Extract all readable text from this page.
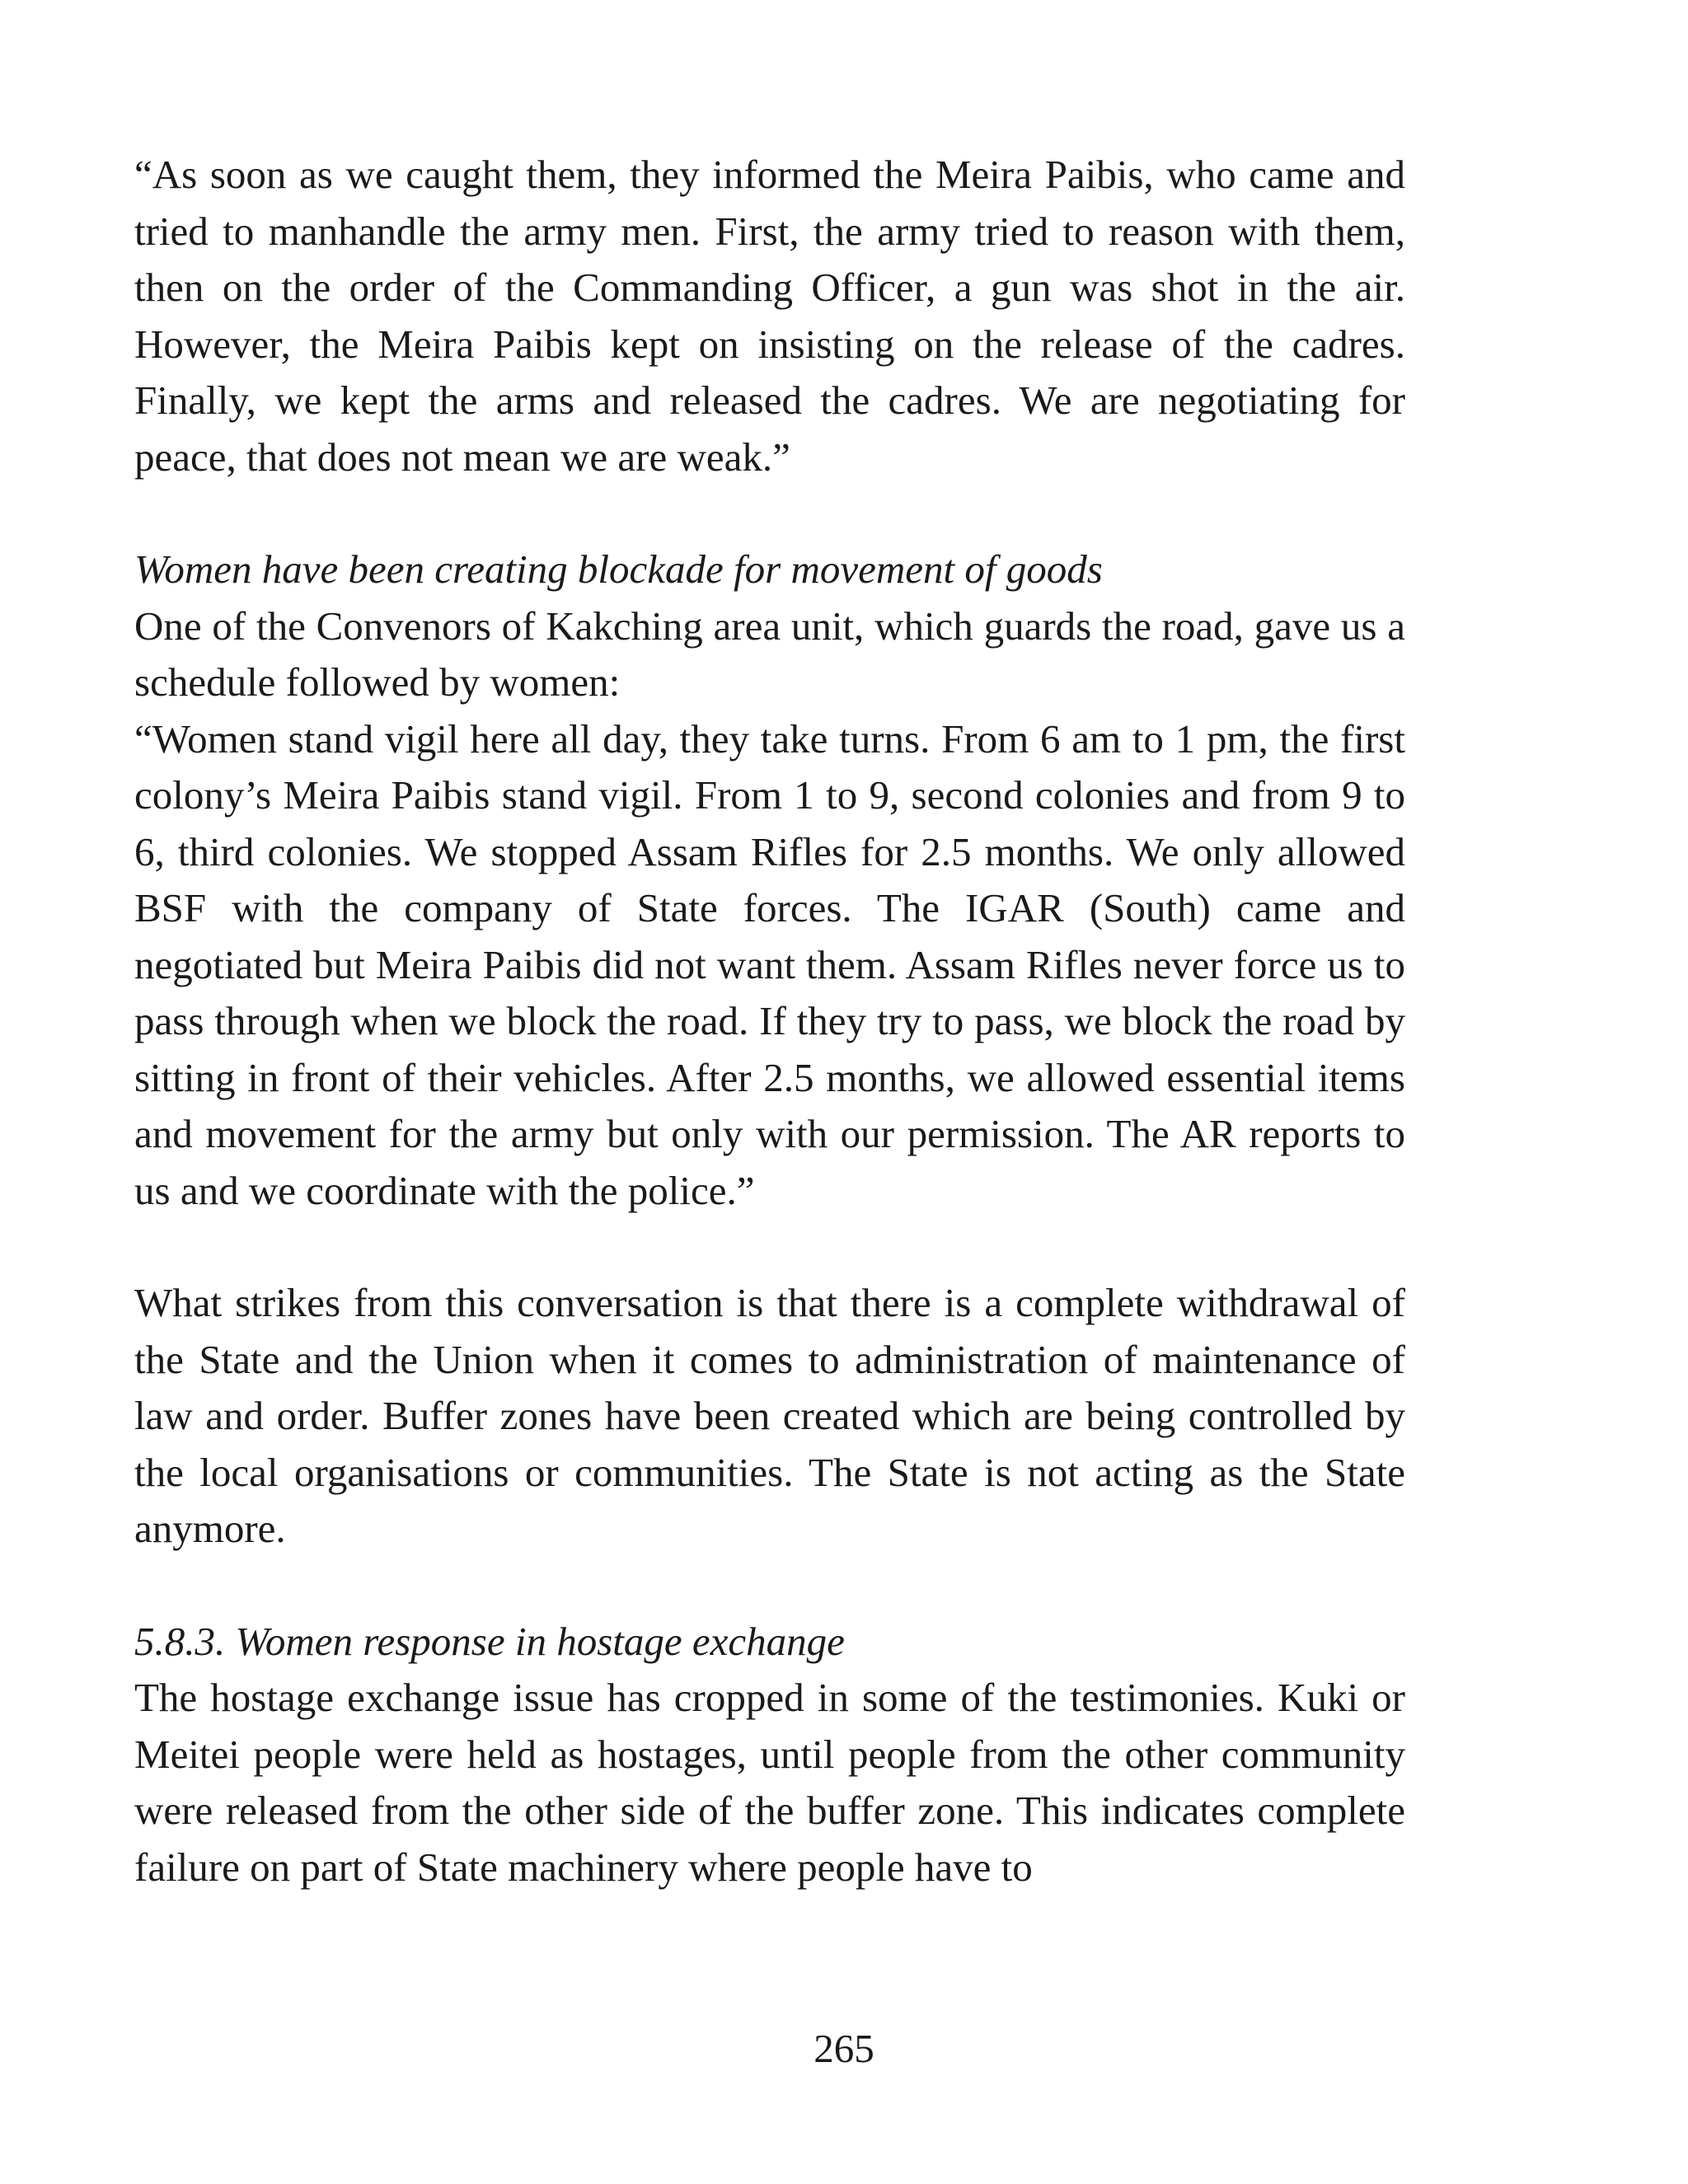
“As soon as we caught them, they informed the Meira Paibis, who came and tried to manhandle the army men. First, the army tried to reason with them, then on the order of the Commanding Officer, a gun was shot in the air. However, the Meira Paibis kept on insisting on the release of the cadres. Finally, we kept the arms and released the cadres. We are negotiating for peace, that does not mean we are weak.”

Women have been creating blockade for movement of goods

One of the Convenors of Kakching area unit, which guards the road, gave us a schedule followed by women:

“Women stand vigil here all day, they take turns. From 6 am to 1 pm, the first colony’s Meira Paibis stand vigil. From 1 to 9, second colonies and from 9 to 6, third colonies. We stopped Assam Rifles for 2.5 months. We only allowed BSF with the company of State forces. The IGAR (South) came and negotiated but Meira Paibis did not want them. Assam Rifles never force us to pass through when we block the road. If they try to pass, we block the road by sitting in front of their vehicles. After 2.5 months, we allowed essential items and movement for the army but only with our permission. The AR reports to us and we coordinate with the police.”

What strikes from this conversation is that there is a complete withdrawal of the State and the Union when it comes to administration of maintenance of law and order. Buffer zones have been created which are being controlled by the local organisations or communities. The State is not acting as the State anymore.

5.8.3. Women response in hostage exchange

The hostage exchange issue has cropped in some of the testimonies. Kuki or Meitei people were held as hostages, until people from the other community were released from the other side of the buffer zone. This indicates complete failure on part of State machinery where people have to

265
